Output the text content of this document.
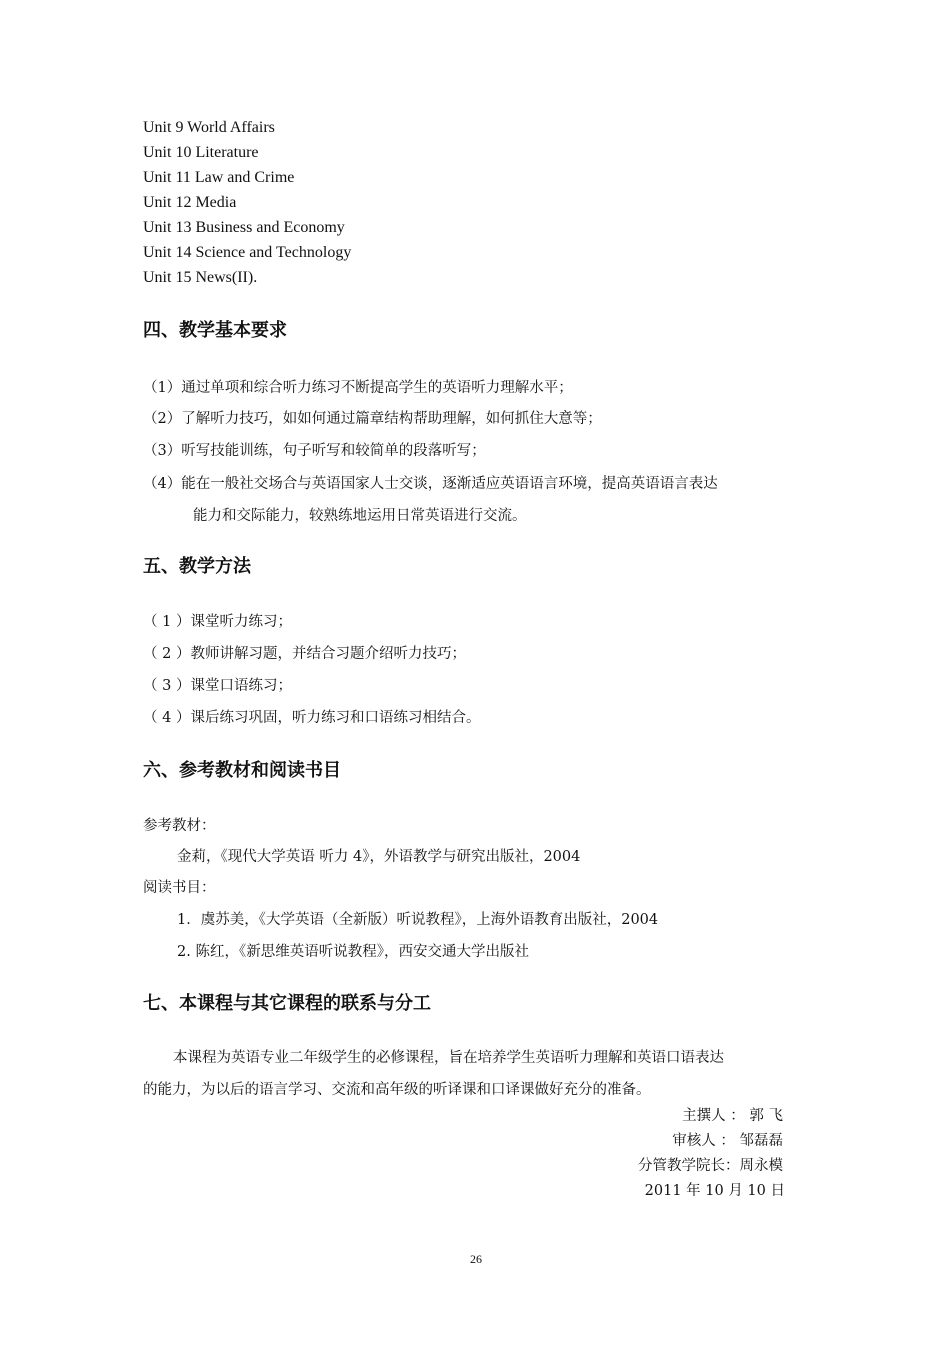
Unit 9 World Affairs
Unit 10 Literature
Unit 11 Law and Crime
Unit 12 Media
Unit 13 Business and Economy
Unit 14 Science and Technology
Unit 15 News(II).
四、教学基本要求
（1）通过单项和综合听力练习不断提高学生的英语听力理解水平；
（2）了解听力技巧，如如何通过篇章结构帮助理解，如何抓住大意等；
（3）听写技能训练，句子听写和较简单的段落听写；
（4）能在一般社交场合与英语国家人士交谈，逐渐适应英语语言环境，提高英语语言表达
能力和交际能力，较熟练地运用日常英语进行交流。
五、教学方法
（ 1 ）课堂听力练习；
（ 2 ）教师讲解习题，并结合习题介绍听力技巧；
（ 3 ）课堂口语练习；
（ 4 ）课后练习巩固，听力练习和口语练习相结合。
六、参考教材和阅读书目
参考教材：
金莉，《现代大学英语 听力 4》，外语教学与研究出版社，2004
阅读书目：
1．虞苏美，《大学英语（全新版）听说教程》，上海外语教育出版社，2004
2. 陈红，《新思维英语听说教程》，西安交通大学出版社
七、本课程与其它课程的联系与分工
本课程为英语专业二年级学生的必修课程，旨在培养学生英语听力理解和英语口语表达
的能力，为以后的语言学习、交流和高年级的听译课和口译课做好充分的准备。
主撰人 ： 郭 飞
审核人 ： 邹磊磊
分管教学院长：周永模
2011 年 10 月 10 日
26
